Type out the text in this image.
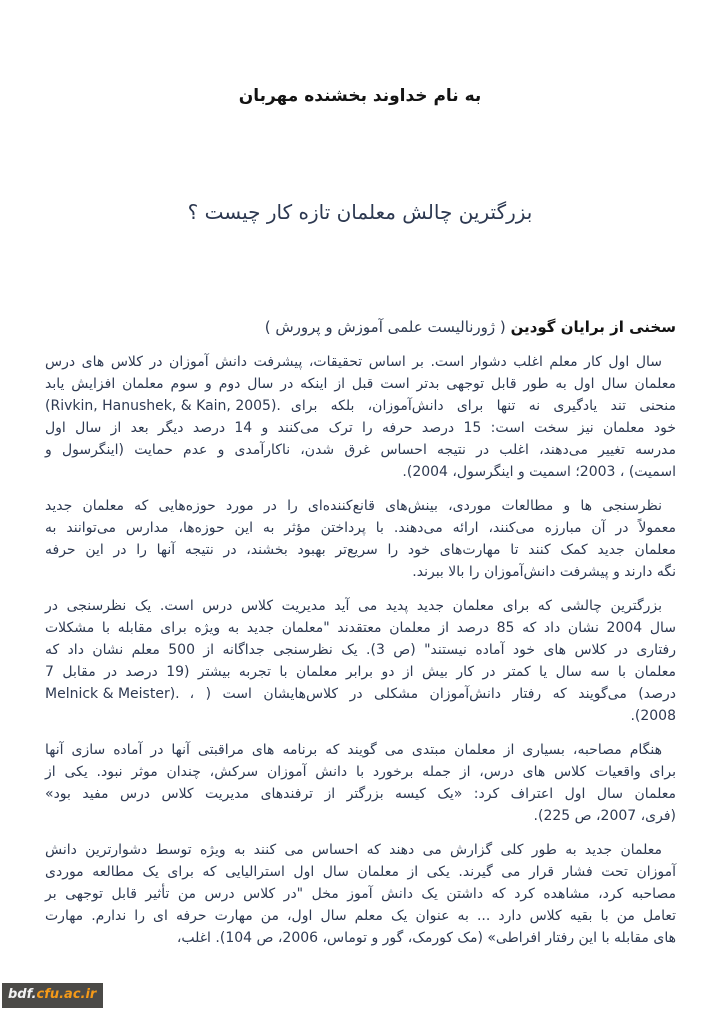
به نام خداوند بخشنده مهربان
بزرگترین چالش معلمان تازه کار چیست ؟
سخنی از برایان گودین ( ژورنالیست علمی آموزش و پرورش )
سال اول کار معلم اغلب دشوار است. بر اساس تحقیقات، پیشرفت دانش آموزان در کلاس های درس
معلمان سال اول به طور قابل توجهی بدتر است قبل از اینکه در سال دوم و سوم معلمان افزایش یابد
(Rivkin, Hanushek, & Kain, 2005). منحنی تند یادگیری نه تنها برای دانش‌آموزان، بلکه برای
خود معلمان نیز سخت است: 15 درصد حرفه را ترک می‌کنند و 14 درصد دیگر بعد از سال اول
مدرسه تغییر می‌دهند، اغلب در نتیجه احساس غرق شدن، ناکارآمدی و عدم حمایت (اینگرسول و
اسمیت) ، 2003؛ اسمیت و اینگرسول، 2004).
نظرسنجی ها و مطالعات موردی، بینش‌های قانع‌کننده‌ای را در مورد حوزه‌هایی که معلمان جدید
معمولاً در آن مبارزه می‌کنند، ارائه می‌دهند. با پرداختن مؤثر به این حوزه‌ها، مدارس می‌توانند به
معلمان جدید کمک کنند تا مهارت‌های خود را سریع‌تر بهبود بخشند، در نتیجه آنها را در این حرفه
نگه دارند و پیشرفت دانش‌آموزان را بالا ببرند.
بزرگترین چالشی که برای معلمان جدید پدید می آید مدیریت کلاس درس است. یک نظرسنجی در
سال 2004 نشان داد که 85 درصد از معلمان معتقدند "معلمان جدید به ویژه برای مقابله با مشکلات
رفتاری در کلاس های خود آماده نیستند" (ص 3). یک نظرسنجی جداگانه از 500 معلم نشان داد که
معلمان با سه سال یا کمتر در کار بیش از دو برابر معلمان با تجربه بیشتر (19 درصد در مقابل 7
Melnick & Meister). درصد) می‌گویند که رفتار دانش‌آموزان مشکلی در کلاس‌هایشان است ( ،
2008).
هنگام مصاحبه، بسیاری از معلمان مبتدی می گویند که برنامه های مراقبتی آنها در آماده سازی آنها
برای واقعیات کلاس های درس، از جمله برخورد با دانش آموزان سرکش، چندان موثر نبود. یکی از
معلمان سال اول اعتراف کرد: «یک کیسه بزرگتر از ترفندهای مدیریت کلاس درس مفید بود»
(فری، 2007، ص 225).
معلمان جدید به طور کلی گزارش می دهند که احساس می کنند به ویژه توسط دشوارترین دانش
آموزان تحت فشار قرار می گیرند. یکی از معلمان سال اول استرالیایی که برای یک مطالعه موردی
مصاحبه کرد، مشاهده کرد که داشتن یک دانش آموز مخل "در کلاس درس من تأثیر قابل توجهی بر
تعامل من با بقیه کلاس دارد ... به عنوان یک معلم سال اول، من مهارت حرفه ای را ندارم. مهارت
های مقابله با این رفتار افراطی» (مک کورمک، گور و توماس، 2006، ص 104). اغلب،
bdf.cfu.ac.ir
